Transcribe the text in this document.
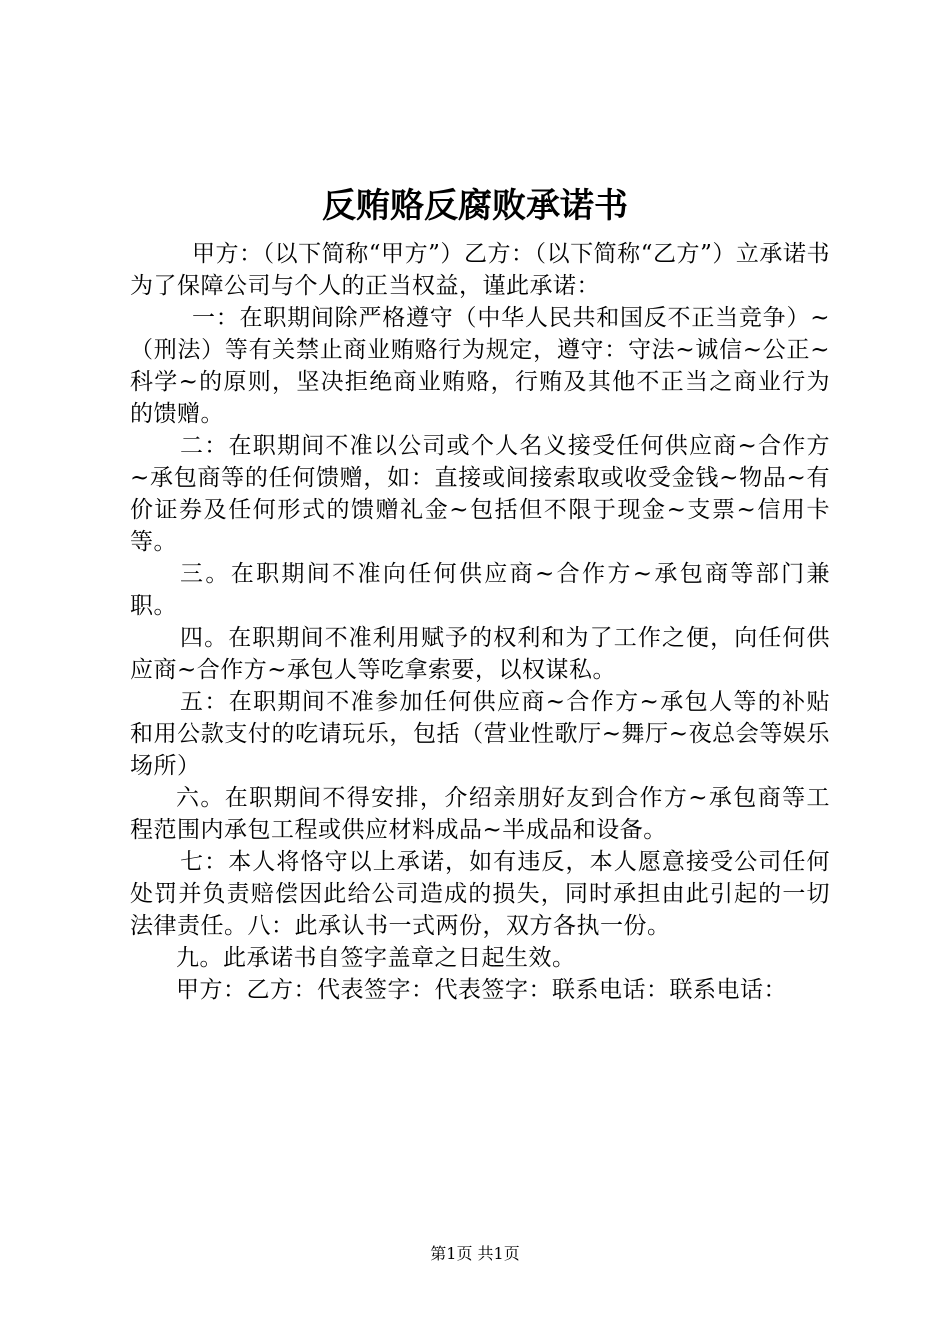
反贿赂反腐败承诺书

甲方：（以下简称“甲方”）乙方：（以下简称“乙方”）立承诺书为了保障公司与个人的正当权益，谨此承诺：

一：在职期间除严格遵守（中华人民共和国反不正当竞争）~（刑法）等有关禁止商业贿赂行为规定，遵守：守法~诚信~公正~科学~的原则，坚决拒绝商业贿赂，行贿及其他不正当之商业行为的馈赠。

二：在职期间不准以公司或个人名义接受任何供应商~合作方~承包商等的任何馈赠，如：直接或间接索取或收受金钱~物品~有价证券及任何形式的馈赠礼金~包括但不限于现金~支票~信用卡等。

三。在职期间不准向任何供应商~合作方~承包商等部门兼职。

四。在职期间不准利用赋予的权利和为了工作之便，向任何供应商~合作方~承包人等吃拿索要，以权谋私。

五：在职期间不准参加任何供应商~合作方~承包人等的补贴和用公款支付的吃请玩乐，包括（营业性歌厅~舞厅~夜总会等娱乐场所）

六。在职期间不得安排，介绍亲朋好友到合作方~承包商等工程范围内承包工程或供应材料成品~半成品和设备。

七：本人将恪守以上承诺，如有违反，本人愿意接受公司任何处罚并负责赔偿因此给公司造成的损失，同时承担由此引起的一切法律责任。八：此承认书一式两份，双方各执一份。

九。此承诺书自签字盖章之日起生效。

甲方：乙方：代表签字：代表签字：联系电话：联系电话：

第1页 共1页
